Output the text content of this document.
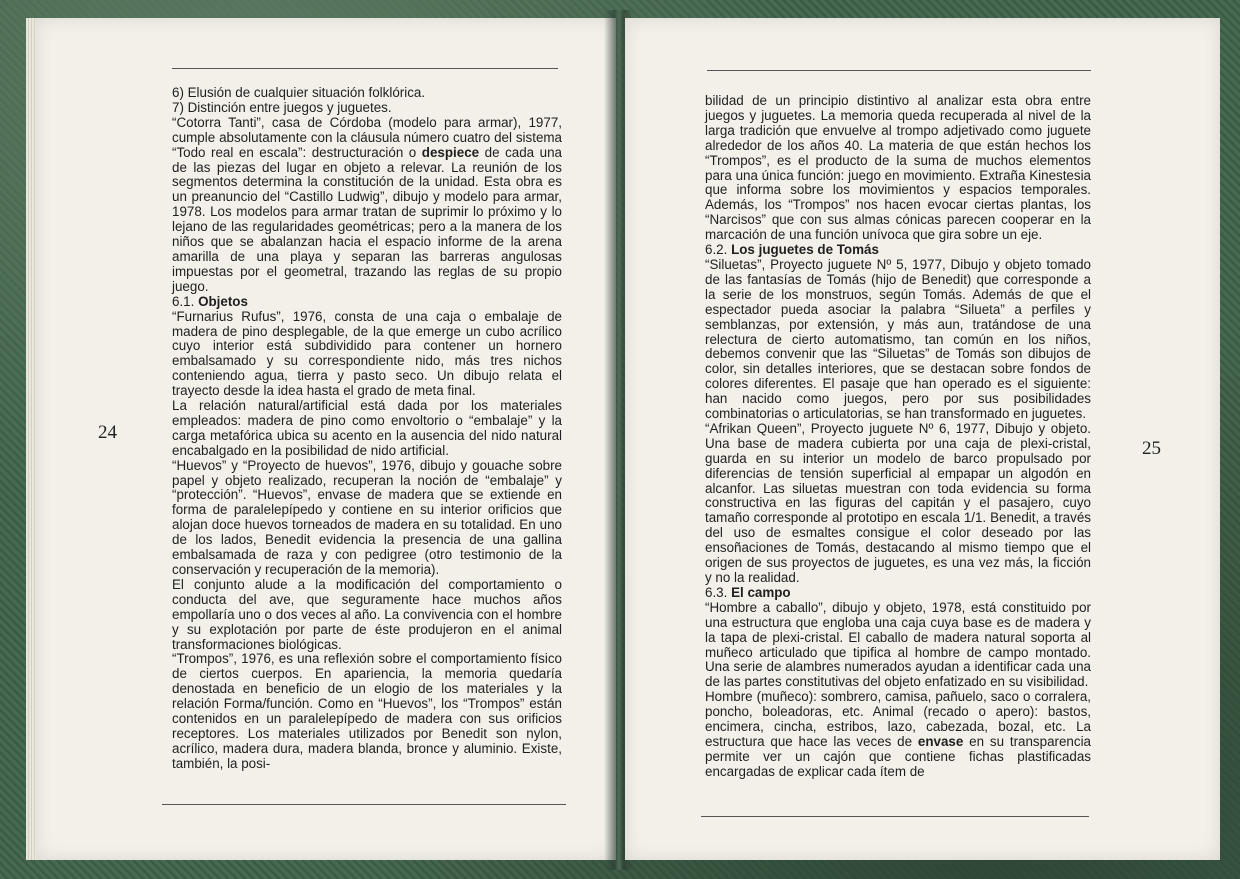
24

6) Elusión de cualquier situación folklórica.

7) Distinción entre juegos y juguetes.

“Cotorra Tanti”, casa de Córdoba (modelo para armar), 1977, cumple absolutamente con la cláusula número cuatro del sistema “Todo real en escala”: destructuración o despiece de cada una de las piezas del lugar en objeto a relevar. La reunión de los segmentos determina la constitución de la unidad. Esta obra es un preanuncio del “Castillo Ludwig”, dibujo y modelo para armar, 1978. Los modelos para armar tratan de suprimir lo próximo y lo lejano de las regularidades geométricas; pero a la manera de los niños que se abalanzan hacia el espacio informe de la arena amarilla de una playa y separan las barreras angulosas impuestas por el geometral, trazando las reglas de su propio juego.

6.1. Objetos

“Furnarius Rufus”, 1976, consta de una caja o embalaje de madera de pino desplegable, de la que emerge un cubo acrílico cuyo interior está subdividido para contener un hornero embalsamado y su correspondiente nido, más tres nichos conteniendo agua, tierra y pasto seco. Un dibujo relata el trayecto desde la idea hasta el grado de meta final.

La relación natural/artificial está dada por los materiales empleados: madera de pino como envoltorio o “embalaje” y la carga metafórica ubica su acento en la ausencia del nido natural encabalgado en la posibilidad de nido artificial.

“Huevos” y “Proyecto de huevos”, 1976, dibujo y gouache sobre papel y objeto realizado, recuperan la noción de “embalaje” y “protección”. “Huevos”, envase de madera que se extiende en forma de paralelepípedo y contiene en su interior orificios que alojan doce huevos torneados de madera en su totalidad. En uno de los lados, Benedit evidencia la presencia de una gallina embalsamada de raza y con pedigree (otro testimonio de la conservación y recuperación de la memoria).

El conjunto alude a la modificación del comportamiento o conducta del ave, que seguramente hace muchos años empollaría uno o dos veces al año. La convivencia con el hombre y su explotación por parte de éste produjeron en el animal transformaciones biológicas.

“Trompos”, 1976, es una reflexión sobre el comportamiento físico de ciertos cuerpos. En apariencia, la memoria quedaría denostada en beneficio de un elogio de los materiales y la relación Forma/función. Como en “Huevos”, los “Trompos” están contenidos en un paralelepípedo de madera con sus orificios receptores. Los materiales utilizados por Benedit son nylon, acrílico, madera dura, madera blanda, bronce y aluminio. Existe, también, la posi-

25

bilidad de un principio distintivo al analizar esta obra entre juegos y juguetes. La memoria queda recuperada al nivel de la larga tradición que envuelve al trompo adjetivado como juguete alrededor de los años 40. La materia de que están hechos los “Trompos”, es el producto de la suma de muchos elementos para una única función: juego en movimiento. Extraña Kinestesia que informa sobre los movimientos y espacios temporales. Además, los “Trompos” nos hacen evocar ciertas plantas, los “Narcisos” que con sus almas cónicas parecen cooperar en la marcación de una función unívoca que gira sobre un eje.

6.2. Los juguetes de Tomás

“Siluetas”, Proyecto juguete Nº 5, 1977, Dibujo y objeto tomado de las fantasías de Tomás (hijo de Benedit) que corresponde a la serie de los monstruos, según Tomás. Además de que el espectador pueda asociar la palabra “Silueta” a perfiles y semblanzas, por extensión, y más aun, tratándose de una relectura de cierto automatismo, tan común en los niños, debemos convenir que las “Siluetas” de Tomás son dibujos de color, sin detalles interiores, que se destacan sobre fondos de colores diferentes. El pasaje que han operado es el siguiente: han nacido como juegos, pero por sus posibilidades combinatorias o articulatorias, se han transformado en juguetes.

“Afrikan Queen”, Proyecto juguete Nº 6, 1977, Dibujo y objeto. Una base de madera cubierta por una caja de plexi-cristal, guarda en su interior un modelo de barco propulsado por diferencias de tensión superficial al empapar un algodón en alcanfor. Las siluetas muestran con toda evidencia su forma constructiva en las figuras del capitán y el pasajero, cuyo tamaño corresponde al prototipo en escala 1/1. Benedit, a través del uso de esmaltes consigue el color deseado por las ensoñaciones de Tomás, destacando al mismo tiempo que el origen de sus proyectos de juguetes, es una vez más, la ficción y no la realidad.

6.3. El campo

“Hombre a caballo”, dibujo y objeto, 1978, está constituido por una estructura que engloba una caja cuya base es de madera y la tapa de plexi-cristal. El caballo de madera natural soporta al muñeco articulado que tipifica al hombre de campo montado. Una serie de alambres numerados ayudan a identificar cada una de las partes constitutivas del objeto enfatizado en su visibilidad.

Hombre (muñeco): sombrero, camisa, pañuelo, saco o corralera, poncho, boleadoras, etc. Animal (recado o apero): bastos, encimera, cincha, estribos, lazo, cabezada, bozal, etc. La estructura que hace las veces de envase en su transparencia permite ver un cajón que contiene fichas plastificadas encargadas de explicar cada ítem de
